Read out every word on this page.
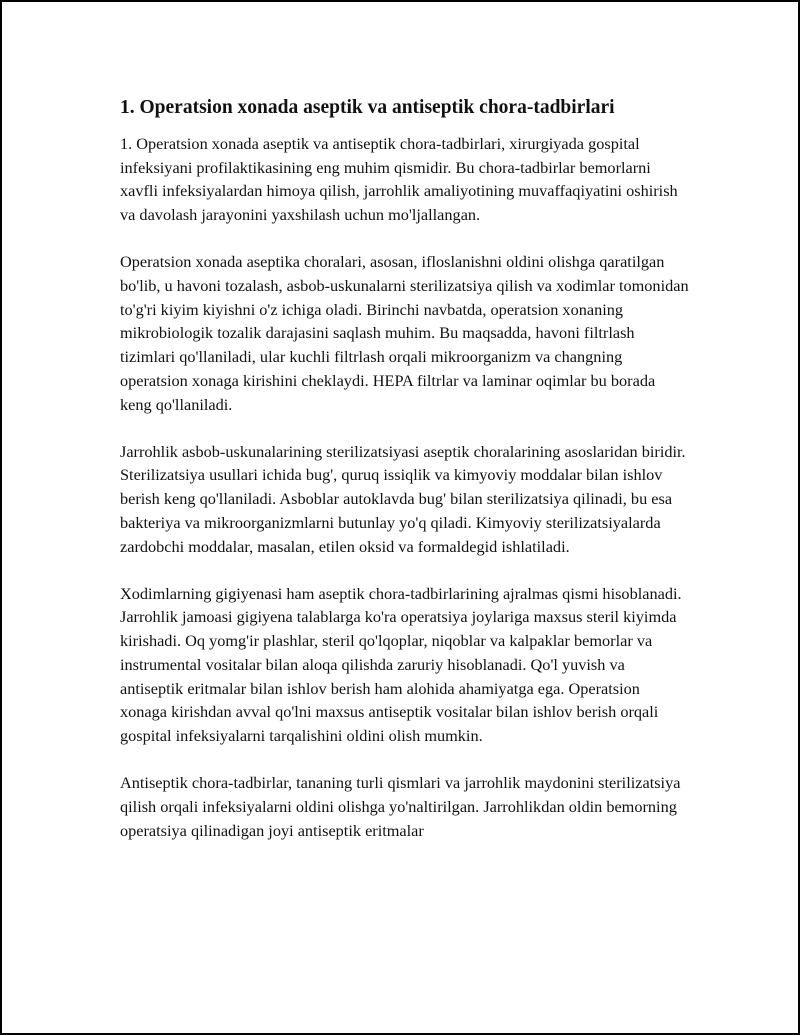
1. Operatsion xonada aseptik va antiseptik chora-tadbirlari

1. Operatsion xonada aseptik va antiseptik chora-tadbirlari, xirurgiyada gospital infeksiyani profilaktikasining eng muhim qismidir. Bu chora-tadbirlar bemorlarni xavfli infeksiyalardan himoya qilish, jarrohlik amaliyotining muvaffaqiyatini oshirish va davolash jarayonini yaxshilash uchun mo'ljallangan.

Operatsion xonada aseptika choralari, asosan, ifloslanishni oldini olishga qaratilgan bo'lib, u havoni tozalash, asbob-uskunalarni sterilizatsiya qilish va xodimlar tomonidan to'g'ri kiyim kiyishni o'z ichiga oladi. Birinchi navbatda, operatsion xonaning mikrobiologik tozalik darajasini saqlash muhim. Bu maqsadda, havoni filtrlash tizimlari qo'llaniladi, ular kuchli filtrlash orqali mikroorganizm va changning operatsion xonaga kirishini cheklaydi. HEPA filtrlar va laminar oqimlar bu borada keng qo'llaniladi.

Jarrohlik asbob-uskunalarining sterilizatsiyasi aseptik choralarining asoslaridan biridir. Sterilizatsiya usullari ichida bug', quruq issiqlik va kimyoviy moddalar bilan ishlov berish keng qo'llaniladi. Asboblar autoklavda bug' bilan sterilizatsiya qilinadi, bu esa bakteriya va mikroorganizmlarni butunlay yo'q qiladi. Kimyoviy sterilizatsiyalarda zardobchi moddalar, masalan, etilen oksid va formaldegid ishlatiladi.

Xodimlarning gigiyenasi ham aseptik chora-tadbirlarining ajralmas qismi hisoblanadi. Jarrohlik jamoasi gigiyena talablarga ko'ra operatsiya joylariga maxsus steril kiyimda kirishadi. Oq yomg'ir plashlar, steril qo'lqoplar, niqoblar va kalpaklar bemorlar va instrumental vositalar bilan aloqa qilishda zaruriy hisoblanadi. Qo'l yuvish va antiseptik eritmalar bilan ishlov berish ham alohida ahamiyatga ega. Operatsion xonaga kirishdan avval qo'lni maxsus antiseptik vositalar bilan ishlov berish orqali gospital infeksiyalarni tarqalishini oldini olish mumkin.

Antiseptik chora-tadbirlar, tananing turli qismlari va jarrohlik maydonini sterilizatsiya qilish orqali infeksiyalarni oldini olishga yo'naltirilgan. Jarrohlikdan oldin bemorning operatsiya qilinadigan joyi antiseptik eritmalar
